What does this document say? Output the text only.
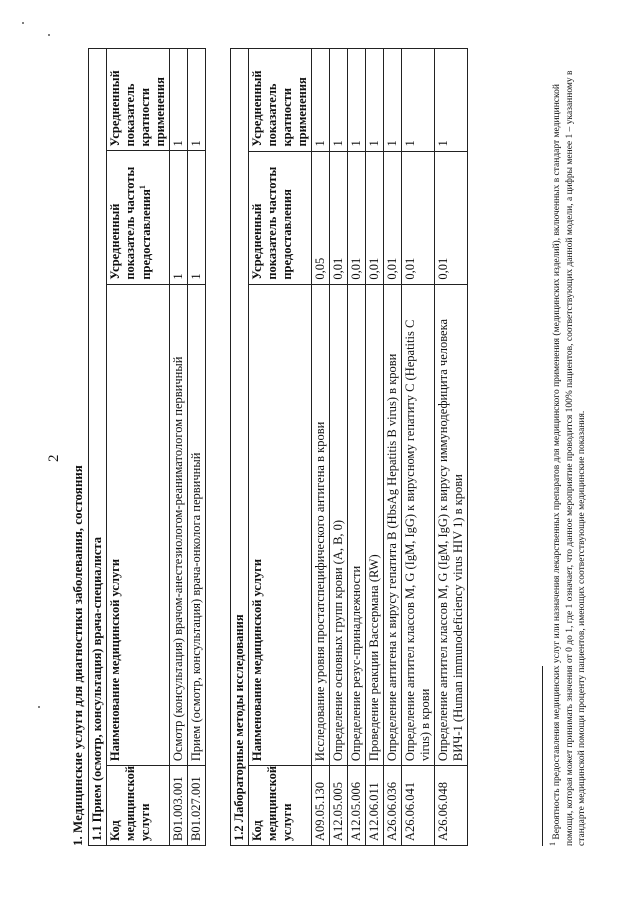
2
1. Медицинские услуги для диагностики заболевания, состояния 1.1 Прием (осмотр, консультация) врача-специалиста			
Код медицинской услуги	Наименование медицинской услуги	Усредненный показатель частоты предоставления$^1$	Усредненный показатель кратности применения
B01.003.001	Осмотр (консультация) врачом-анестезиологом-реаниматологом первичный	1	1
B01.027.001	Прием (осмотр, консультация) врача-онколога первичный	1	1
1.2 Лабораторные методы исследования			
Код медицинской услуги	Наименование медицинской услуги	Усредненный показатель частоты предоставления	Усредненный показатель кратности применения
A09.05.130	Исследование уровня простатспецифического антигена в крови	0,05	1
A12.05.005	Определение основных групп крови (A, B, 0)	0,01	1
A12.05.006	Определение резус-принадлежности	0,01	1
A12.06.011	Проведение реакции Вассермана (RW)	0,01	1
A26.06.036	Определение антигена к вирусу гепатита B (HbsAg Hepatitis B virus) в крови	0,01	1
A26.06.041	Определение антител классов M, G (IgM, IgG) к вирусному гепатиту C (Hepatitis C virus) в крови	0,01	1
A26.06.048	Определение антител классов M, G (IgM, IgG) к вирусу иммунодефицита человека ВИЧ-1 (Human immunodeficiency virus HIV 1) в крови	0,01	1
$^1$ Вероятность предоставления медицинских услуг или назначения лекарственных препаратов для медицинского применения (медицинских изделий), включенных в стандарт медицинской помощи, которая может принимать значения от 0 до 1, где 1 означает, что данное мероприятие проводится 100% пациентов, соответствующих данной модели, а цифры менее 1 – указанному в стандарте медицинской помощи проценту пациентов, имеющих соответствующие медицинские показания.
